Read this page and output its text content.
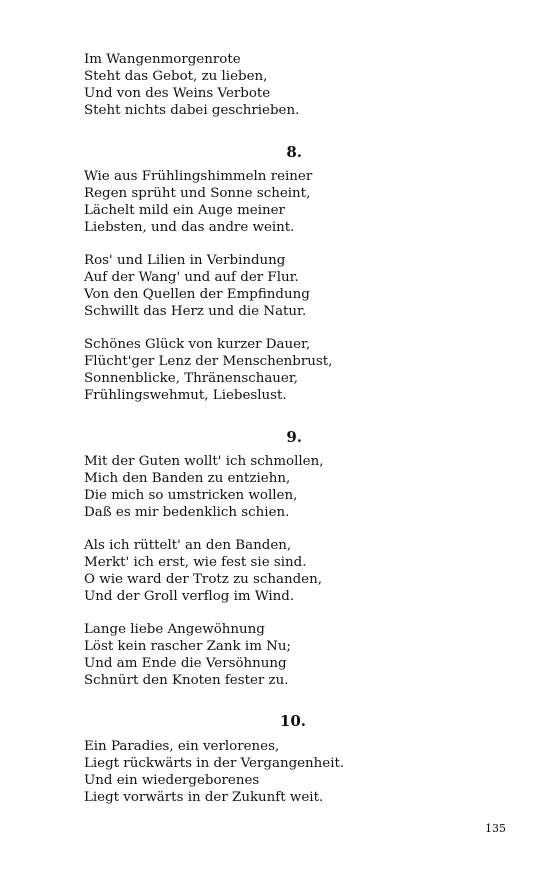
Im Wangenmorgenrote
Steht das Gebot, zu lieben,
Und von des Weins Verbote
Steht nichts dabei geschrieben.
8.
Wie aus Frühlingshimmeln reiner
Regen sprüht und Sonne scheint,
Lächelt mild ein Auge meiner
Liebsten, und das andre weint.
Ros' und Lilien in Verbindung
Auf der Wang' und auf der Flur.
Von den Quellen der Empfindung
Schwillt das Herz und die Natur.
Schönes Glück von kurzer Dauer,
Flücht'ger Lenz der Menschenbrust,
Sonnenblicke, Thränenschauer,
Frühlingswehmut, Liebeslust.
9.
Mit der Guten wollt' ich schmollen,
Mich den Banden zu entziehn,
Die mich so umstricken wollen,
Daß es mir bedenklich schien.
Als ich rüttelt' an den Banden,
Merkt' ich erst, wie fest sie sind.
O wie ward der Trotz zu schanden,
Und der Groll verflog im Wind.
Lange liebe Angewöhnung
Löst kein rascher Zank im Nu;
Und am Ende die Versöhnung
Schnürt den Knoten fester zu.
10.
Ein Paradies, ein verlorenes,
Liegt rückwärts in der Vergangenheit.
Und ein wiedergeborenes
Liegt vorwärts in der Zukunft weit.
135
